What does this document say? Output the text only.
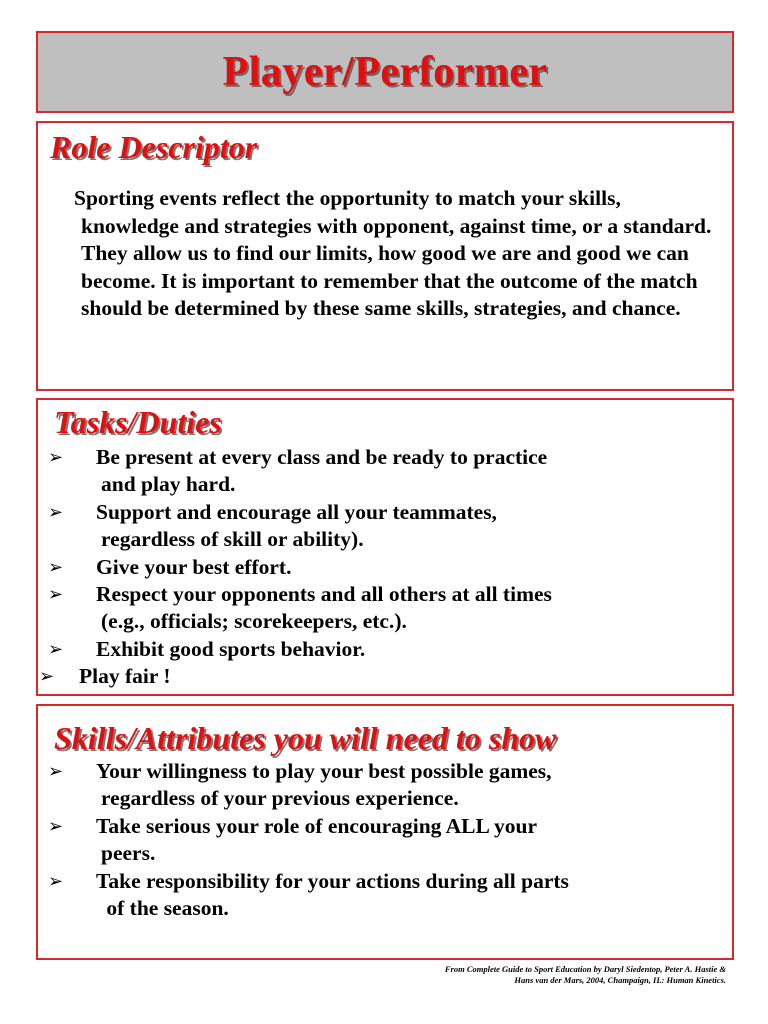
Player/Performer
Role Descriptor
Sporting events reflect the opportunity to match your skills, knowledge and strategies with opponent, against time, or a standard. They allow us to find our limits, how good we are and good we can become. It is important to remember that the outcome of the match should be determined by these same skills, strategies, and chance.
Tasks/Duties
➢	Be present at every class and be ready to practice
and play hard.
➢	Support and encourage all your teammates,
regardless of skill or ability).
➢	Give your best effort.
➢	Respect your opponents and all others at all times
(e.g., officials; scorekeepers, etc.).
➢	Exhibit good sports behavior.
➢	Play fair !
Skills/Attributes you will need to show
➢	Your willingness to play your best possible games,
regardless of your previous experience.
➢	Take serious your role of encouraging ALL your
peers.
➢	Take responsibility for your actions during all parts
of the season.
From Complete Guide to Sport Education by Daryl Siedentop, Peter A. Hastie &
Hans van der Mars, 2004, Champaign, IL: Human Kinetics.
